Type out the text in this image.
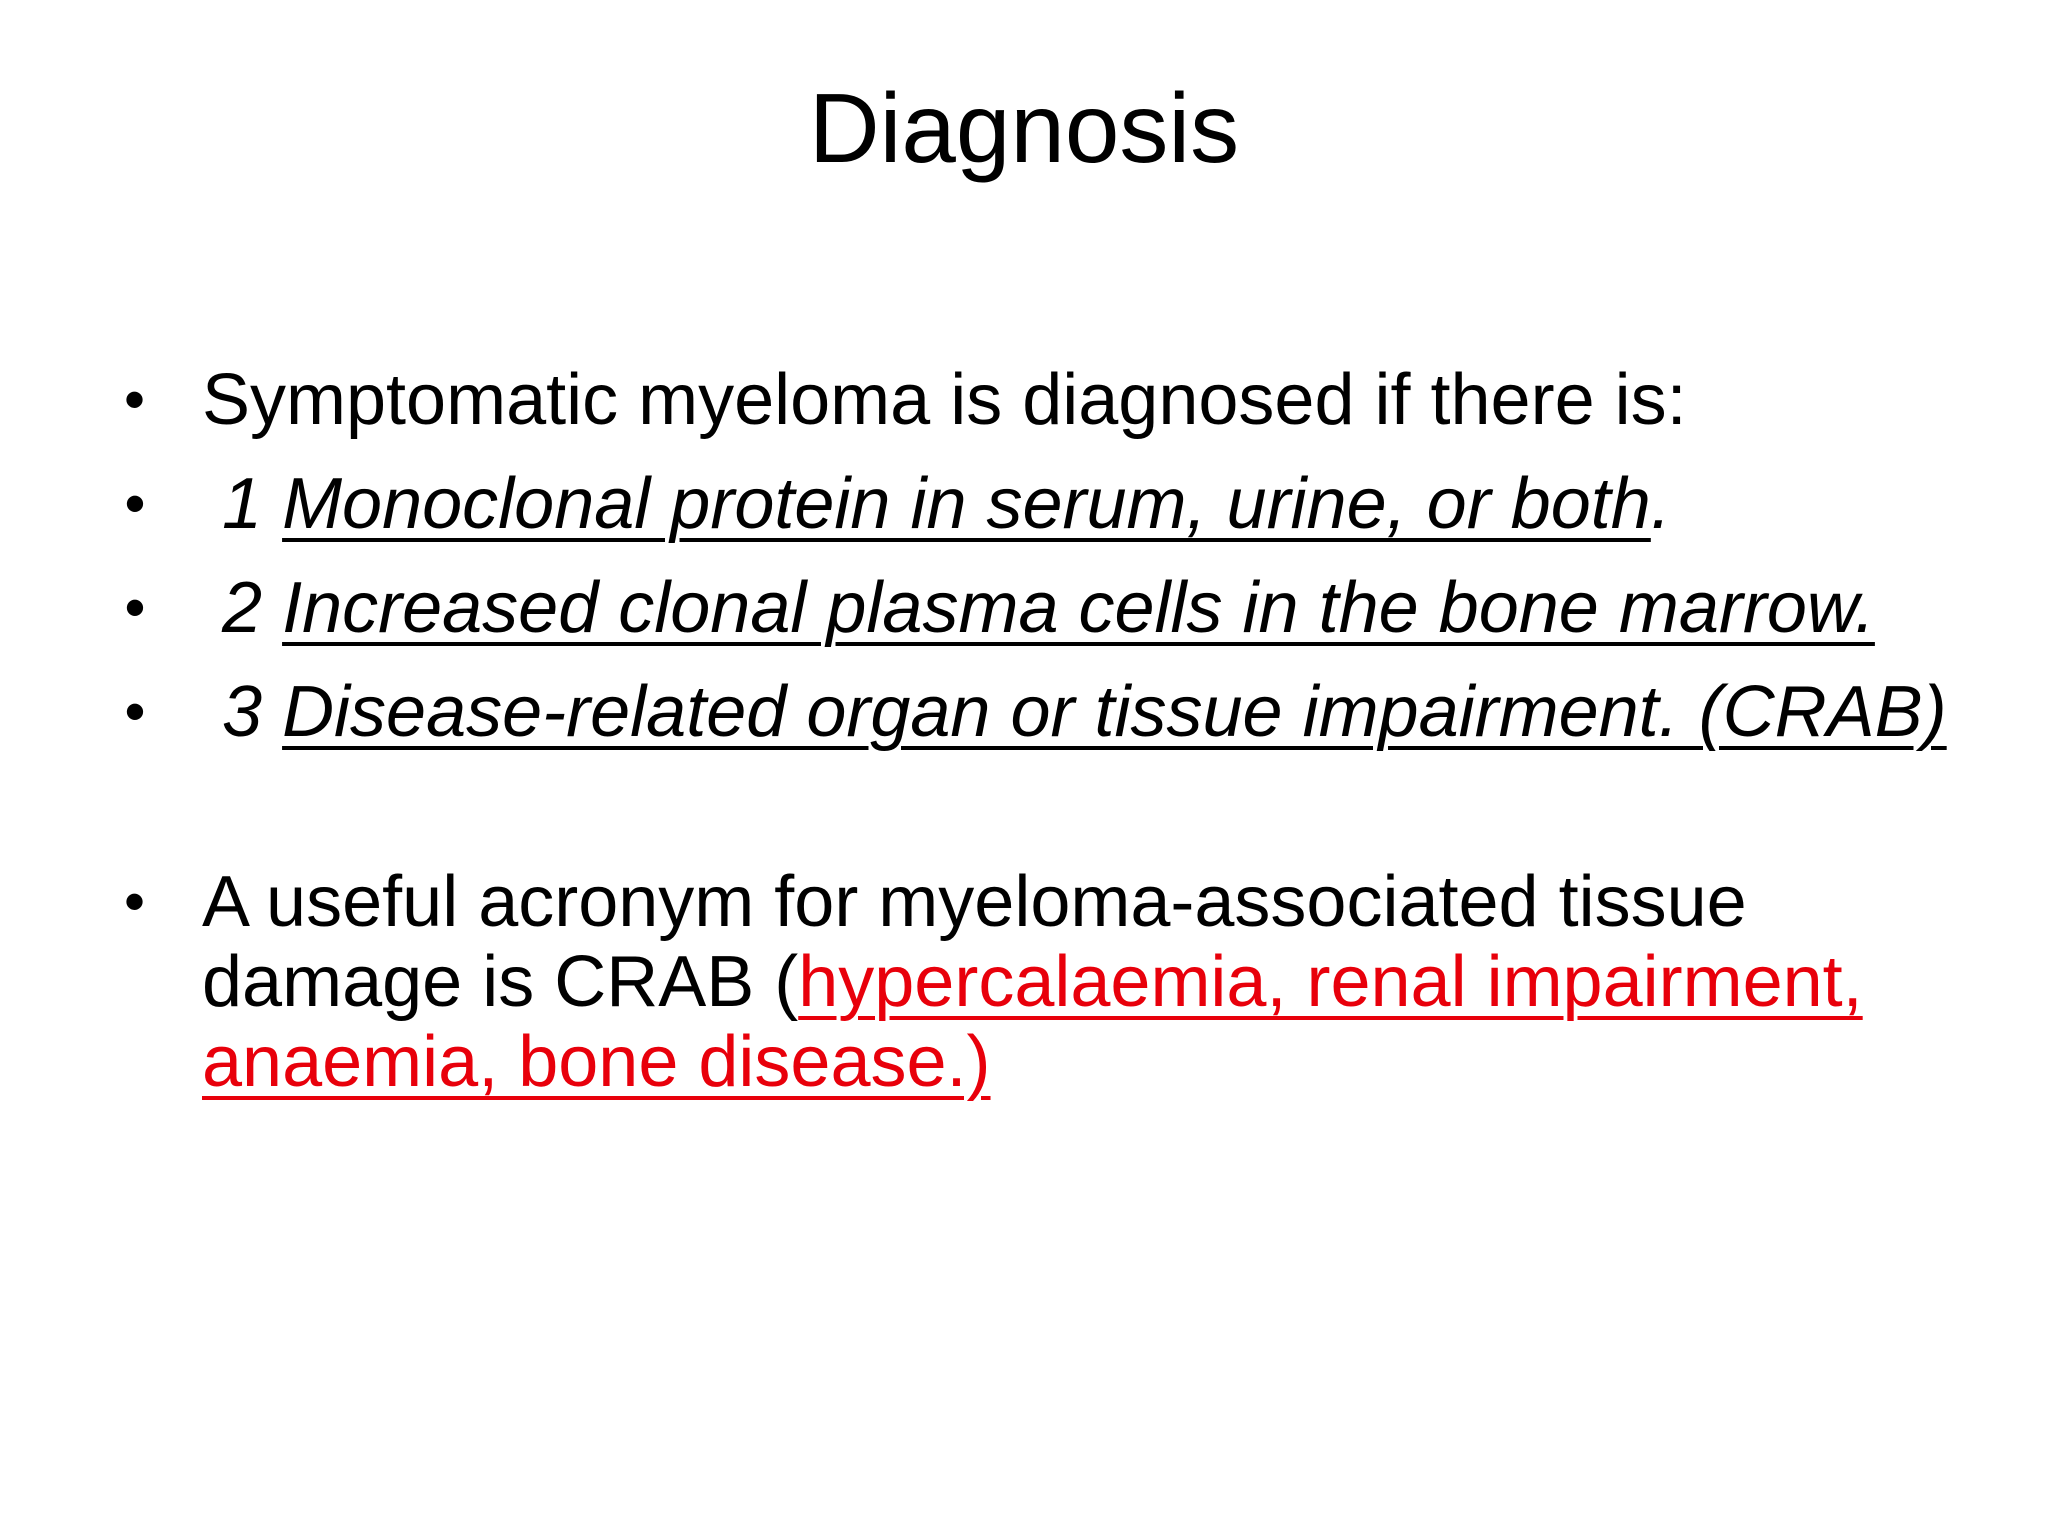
Diagnosis
• Symptomatic myeloma is diagnosed if there is:
• 1 Monoclonal protein in serum, urine, or both.
• 2 Increased clonal plasma cells in the bone marrow.
• 3 Disease-related organ or tissue impairment. (CRAB)
• A useful acronym for myeloma-associated tissue damage is CRAB (hypercalaemia, renal impairment, anaemia, bone disease.)
